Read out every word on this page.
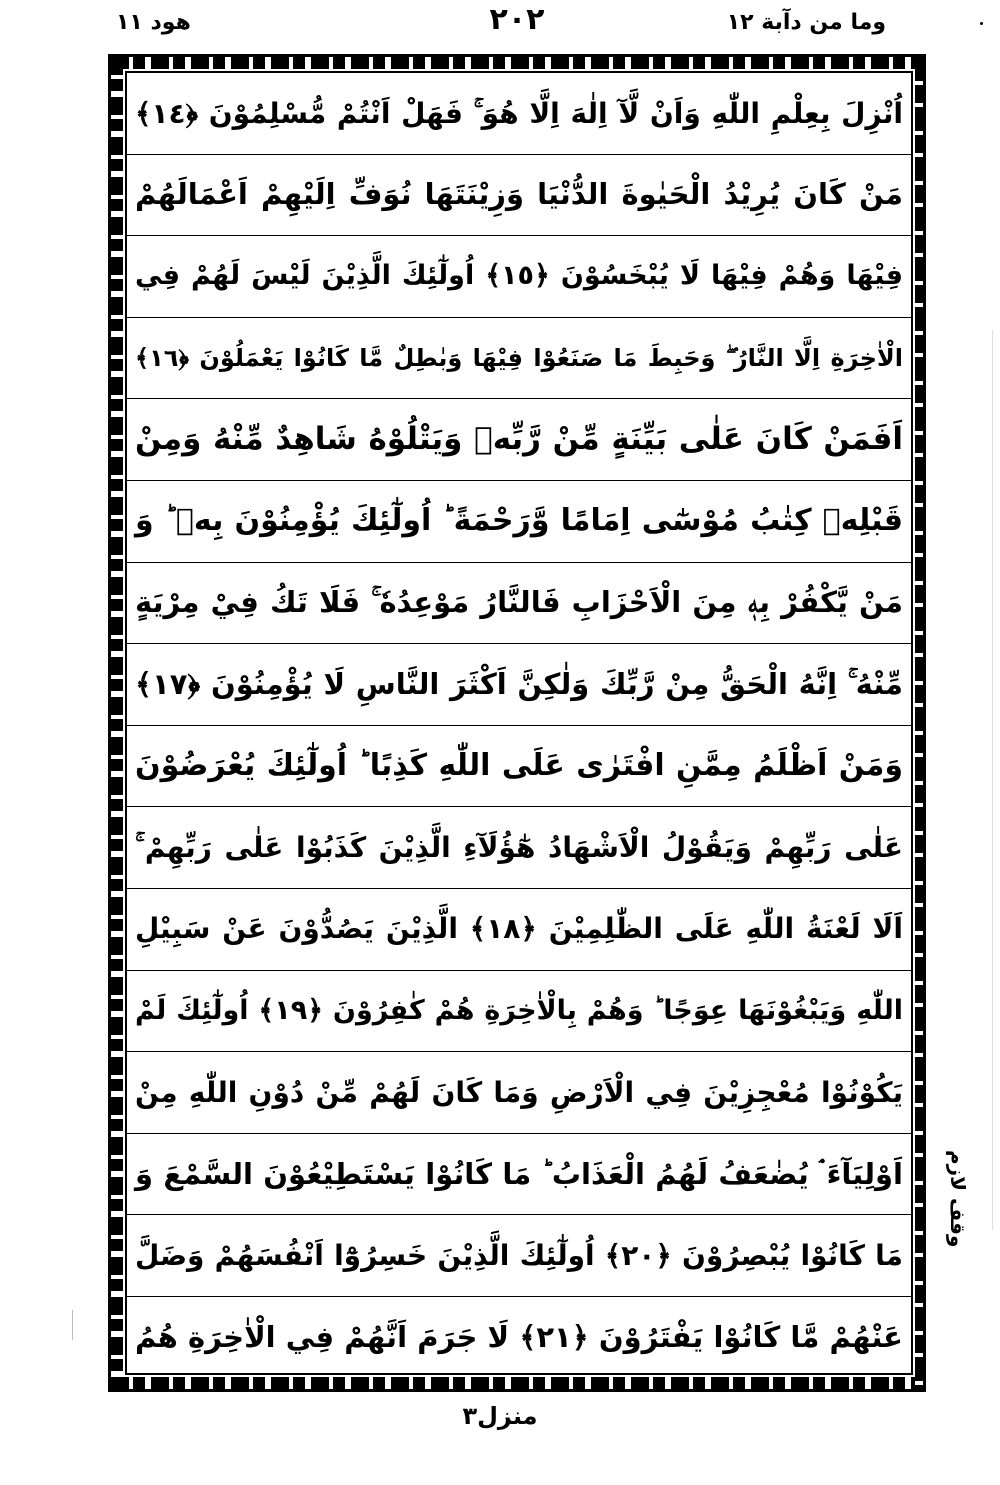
وما من دآبة ١٢
٢٠٢
هود ١١
اُنْزِلَ بِعِلْمِ اللّٰهِ وَاَنْ لَّآ اِلٰهَ اِلَّا هُوَ ۚ فَهَلْ اَنْتُمْ مُّسْلِمُوْنَ ﴿١٤﴾
مَنْ كَانَ يُرِيْدُ الْحَيٰوةَ الدُّنْيَا وَزِيْنَتَهَا نُوَفِّ اِلَيْهِمْ اَعْمَالَهُمْ
فِيْهَا وَهُمْ فِيْهَا لَا يُبْخَسُوْنَ ﴿١٥﴾ اُولٰٓئِكَ الَّذِيْنَ لَيْسَ لَهُمْ فِي
الْاٰخِرَةِ اِلَّا النَّارُ ۖ وَحَبِطَ مَا صَنَعُوْا فِيْهَا وَبٰطِلٌ مَّا كَانُوْا يَعْمَلُوْنَ ﴿١٦﴾
اَفَمَنْ كَانَ عَلٰى بَيِّنَةٍ مِّنْ رَّبِّهٖ وَيَتْلُوْهُ شَاهِدٌ مِّنْهُ وَمِنْ
قَبْلِهٖ كِتٰبُ مُوْسٰٓى اِمَامًا وَّرَحْمَةً ؕ اُولٰٓئِكَ يُؤْمِنُوْنَ بِهٖ ؕ وَ
مَنْ يَّكْفُرْ بِهٖ مِنَ الْاَحْزَابِ فَالنَّارُ مَوْعِدُهٗ ۚ فَلَا تَكُ فِيْ مِرْيَةٍ
مِّنْهُ ۚ اِنَّهُ الْحَقُّ مِنْ رَّبِّكَ وَلٰكِنَّ اَكْثَرَ النَّاسِ لَا يُؤْمِنُوْنَ ﴿١٧﴾
وَمَنْ اَظْلَمُ مِمَّنِ افْتَرٰى عَلَى اللّٰهِ كَذِبًا ؕ اُولٰٓئِكَ يُعْرَضُوْنَ
عَلٰى رَبِّهِمْ وَيَقُوْلُ الْاَشْهَادُ هٰٓؤُلَآءِ الَّذِيْنَ كَذَبُوْا عَلٰى رَبِّهِمْ ۚ
اَلَا لَعْنَةُ اللّٰهِ عَلَى الظّٰلِمِيْنَ ﴿١٨﴾ الَّذِيْنَ يَصُدُّوْنَ عَنْ سَبِيْلِ
اللّٰهِ وَيَبْغُوْنَهَا عِوَجًا ؕ وَهُمْ بِالْاٰخِرَةِ هُمْ كٰفِرُوْنَ ﴿١٩﴾ اُولٰٓئِكَ لَمْ
يَكُوْنُوْا مُعْجِزِيْنَ فِي الْاَرْضِ وَمَا كَانَ لَهُمْ مِّنْ دُوْنِ اللّٰهِ مِنْ
اَوْلِيَآءَ ۘ يُضٰعَفُ لَهُمُ الْعَذَابُ ؕ مَا كَانُوْا يَسْتَطِيْعُوْنَ السَّمْعَ وَ
مَا كَانُوْا يُبْصِرُوْنَ ﴿٢٠﴾ اُولٰٓئِكَ الَّذِيْنَ خَسِرُوْٓا اَنْفُسَهُمْ وَضَلَّ
عَنْهُمْ مَّا كَانُوْا يَفْتَرُوْنَ ﴿٢١﴾ لَا جَرَمَ اَنَّهُمْ فِي الْاٰخِرَةِ هُمُ
وقف لازم
منزل٣
